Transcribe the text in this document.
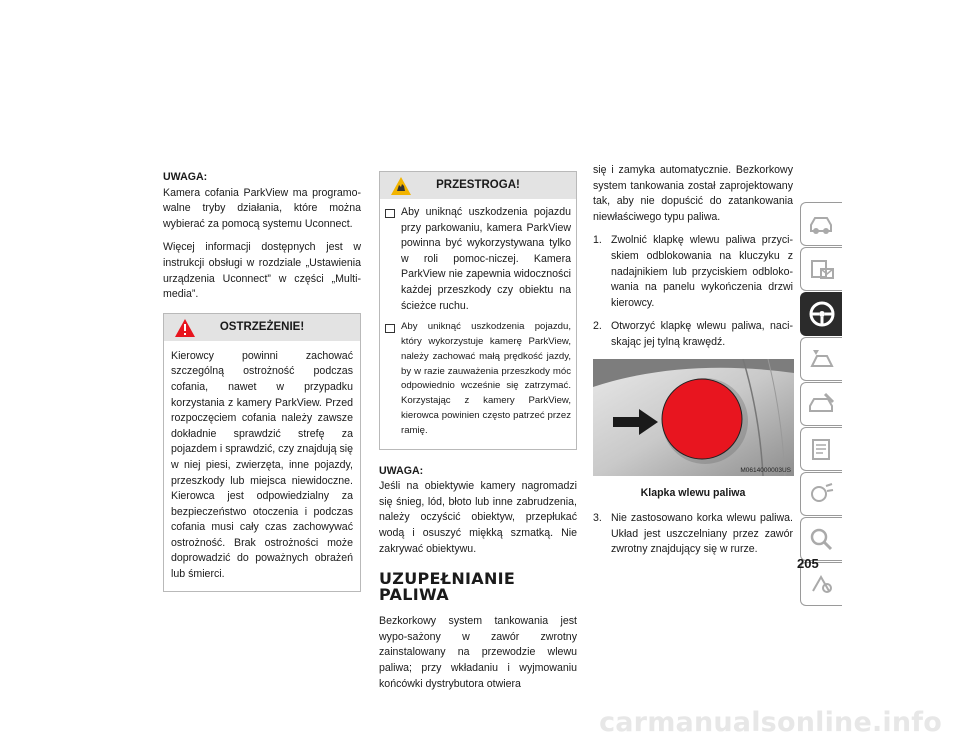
UWAGA:

Kamera cofania ParkView ma programo-walne tryby działania, które można wybierać za pomocą systemu Uconnect.

Więcej informacji dostępnych jest w instrukcji obsługi w rozdziale „Ustawienia urządzenia Uconnect” w części „Multi-media”.

OSTRZEŻENIE!
Kierowcy powinni zachować szczególną ostrożność podczas cofania, nawet w przypadku korzystania z kamery ParkView. Przed rozpoczęciem cofania należy zawsze dokładnie sprawdzić strefę za pojazdem i sprawdzić, czy znajdują się w niej piesi, zwierzęta, inne pojazdy, przeszkody lub miejsca niewidoczne. Kierowca jest odpowiedzialny za bezpieczeństwo otoczenia i podczas cofania musi cały czas zachowywać ostrożność. Brak ostrożności może doprowadzić do poważnych obrażeń lub śmierci.
PRZESTROGA!
Aby uniknąć uszkodzenia pojazdu przy parkowaniu, kamera ParkView powinna być wykorzystywana tylko w roli pomoc-niczej. Kamera ParkView nie zapewnia widoczności każdej przeszkody czy obiektu na ścieżce ruchu.
Aby uniknąć uszkodzenia pojazdu, który wykorzystuje kamerę ParkView, należy zachować małą prędkość jazdy, by w razie zauważenia przeszkody móc odpowiednio wcześnie się zatrzymać. Korzystając z kamery ParkView, kierowca powinien często patrzeć przez ramię.
UWAGA:

Jeśli na obiektywie kamery nagromadzi się śnieg, lód, błoto lub inne zabrudzenia, należy oczyścić obiektyw, przepłukać wodą i osuszyć miękką szmatką. Nie zakrywać obiektywu.

UZUPEŁNIANIE PALIWA

Bezkorkowy system tankowania jest wypo-sażony w zawór zwrotny zainstalowany na przewodzie wlewu paliwa; przy wkładaniu i wyjmowaniu końcówki dystrybutora otwiera

się i zamyka automatycznie. Bezkorkowy system tankowania został zaprojektowany tak, aby nie dopuścić do zatankowania niewłaściwego typu paliwa.

1. Zwolnić klapkę wlewu paliwa przyci-skiem odblokowania na kluczyku z nadajnikiem lub przyciskiem odbloko-wania na panelu wykończenia drzwi kierowcy.
2. Otworzyć klapkę wlewu paliwa, naci-skając jej tylną krawędź.
M0614000003US
Klapka wlewu paliwa
3. Nie zastosowano korka wlewu paliwa. Układ jest uszczelniany przez zawór zwrotny znajdujący się w rurze.
205
carmanualsonline.info
